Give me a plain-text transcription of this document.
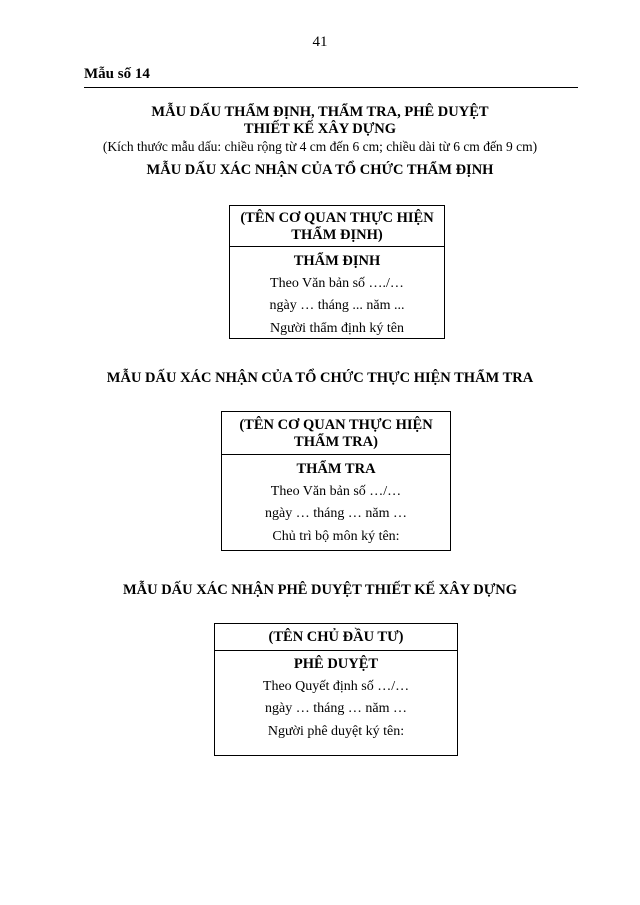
41
Mẫu số 14
MẪU DẤU THẨM ĐỊNH, THẨM TRA, PHÊ DUYỆT
THIẾT KẾ XÂY DỰNG
(Kích thước mẫu dấu: chiều rộng từ 4 cm đến 6 cm; chiều dài từ 6 cm đến 9 cm)
MẪU DẤU XÁC NHẬN CỦA TỔ CHỨC THẨM ĐỊNH
(TÊN CƠ QUAN THỰC HIỆN
THẨM ĐỊNH)
THẨM ĐỊNH
Theo Văn bản số …./…
ngày … tháng ... năm ...
Người thẩm định ký tên
MẪU DẤU XÁC NHẬN CỦA TỔ CHỨC THỰC HIỆN THẨM TRA
(TÊN CƠ QUAN THỰC HIỆN
THẨM TRA)
THẨM TRA
Theo Văn bản số …/…
ngày … tháng … năm …
Chủ trì bộ môn ký tên:
MẪU DẤU XÁC NHẬN PHÊ DUYỆT THIẾT KẾ XÂY DỰNG
(TÊN CHỦ ĐẦU TƯ)
PHÊ DUYỆT
Theo Quyết định số …/…
ngày … tháng … năm …
Người phê duyệt ký tên:
